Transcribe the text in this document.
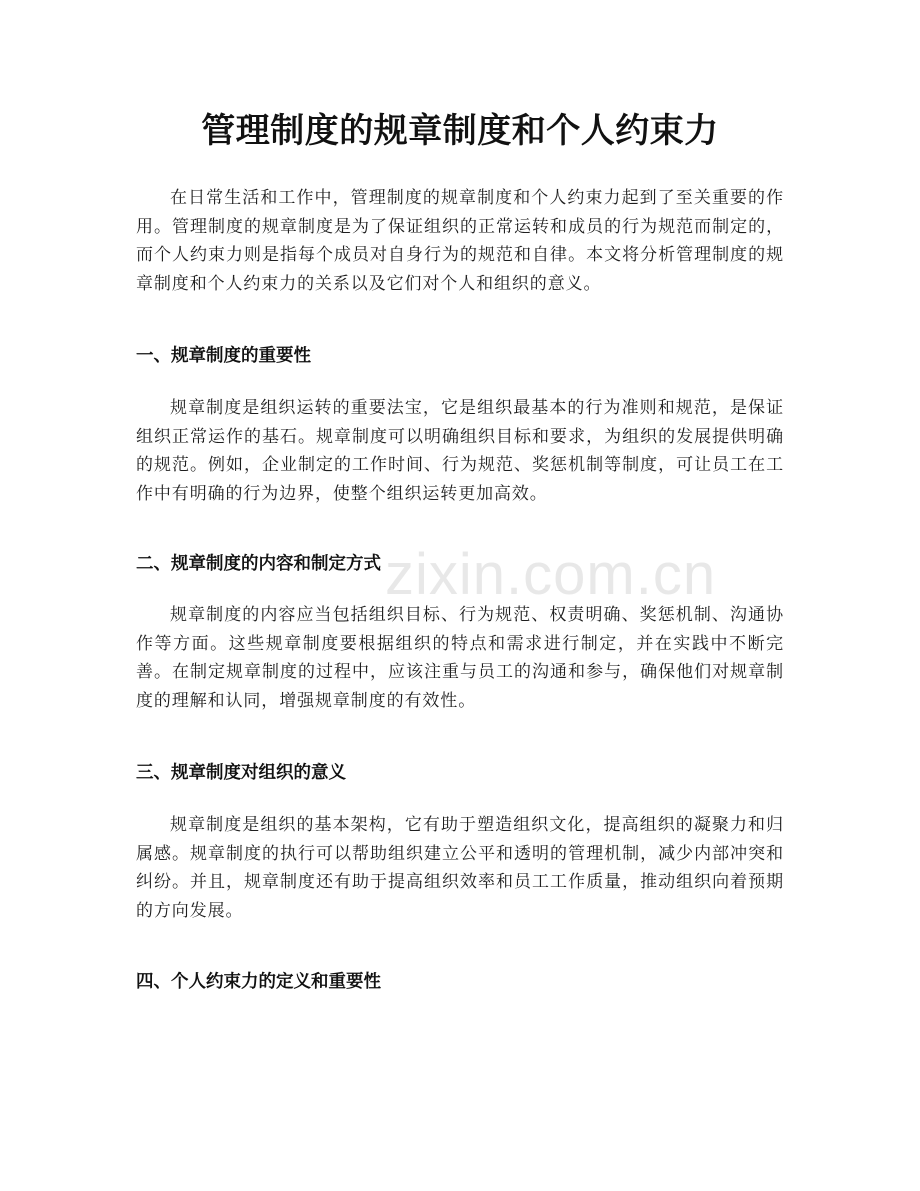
zixin.com.cn
管理制度的规章制度和个人约束力

在日常生活和工作中，管理制度的规章制度和个人约束力起到了至关重要的作用。管理制度的规章制度是为了保证组织的正常运转和成员的行为规范而制定的，而个人约束力则是指每个成员对自身行为的规范和自律。本文将分析管理制度的规章制度和个人约束力的关系以及它们对个人和组织的意义。

一、规章制度的重要性

规章制度是组织运转的重要法宝，它是组织最基本的行为准则和规范，是保证组织正常运作的基石。规章制度可以明确组织目标和要求，为组织的发展提供明确的规范。例如，企业制定的工作时间、行为规范、奖惩机制等制度，可让员工在工作中有明确的行为边界，使整个组织运转更加高效。

二、规章制度的内容和制定方式

规章制度的内容应当包括组织目标、行为规范、权责明确、奖惩机制、沟通协作等方面。这些规章制度要根据组织的特点和需求进行制定，并在实践中不断完善。在制定规章制度的过程中，应该注重与员工的沟通和参与，确保他们对规章制度的理解和认同，增强规章制度的有效性。

三、规章制度对组织的意义

规章制度是组织的基本架构，它有助于塑造组织文化，提高组织的凝聚力和归属感。规章制度的执行可以帮助组织建立公平和透明的管理机制，减少内部冲突和纠纷。并且，规章制度还有助于提高组织效率和员工工作质量，推动组织向着预期的方向发展。

四、个人约束力的定义和重要性
